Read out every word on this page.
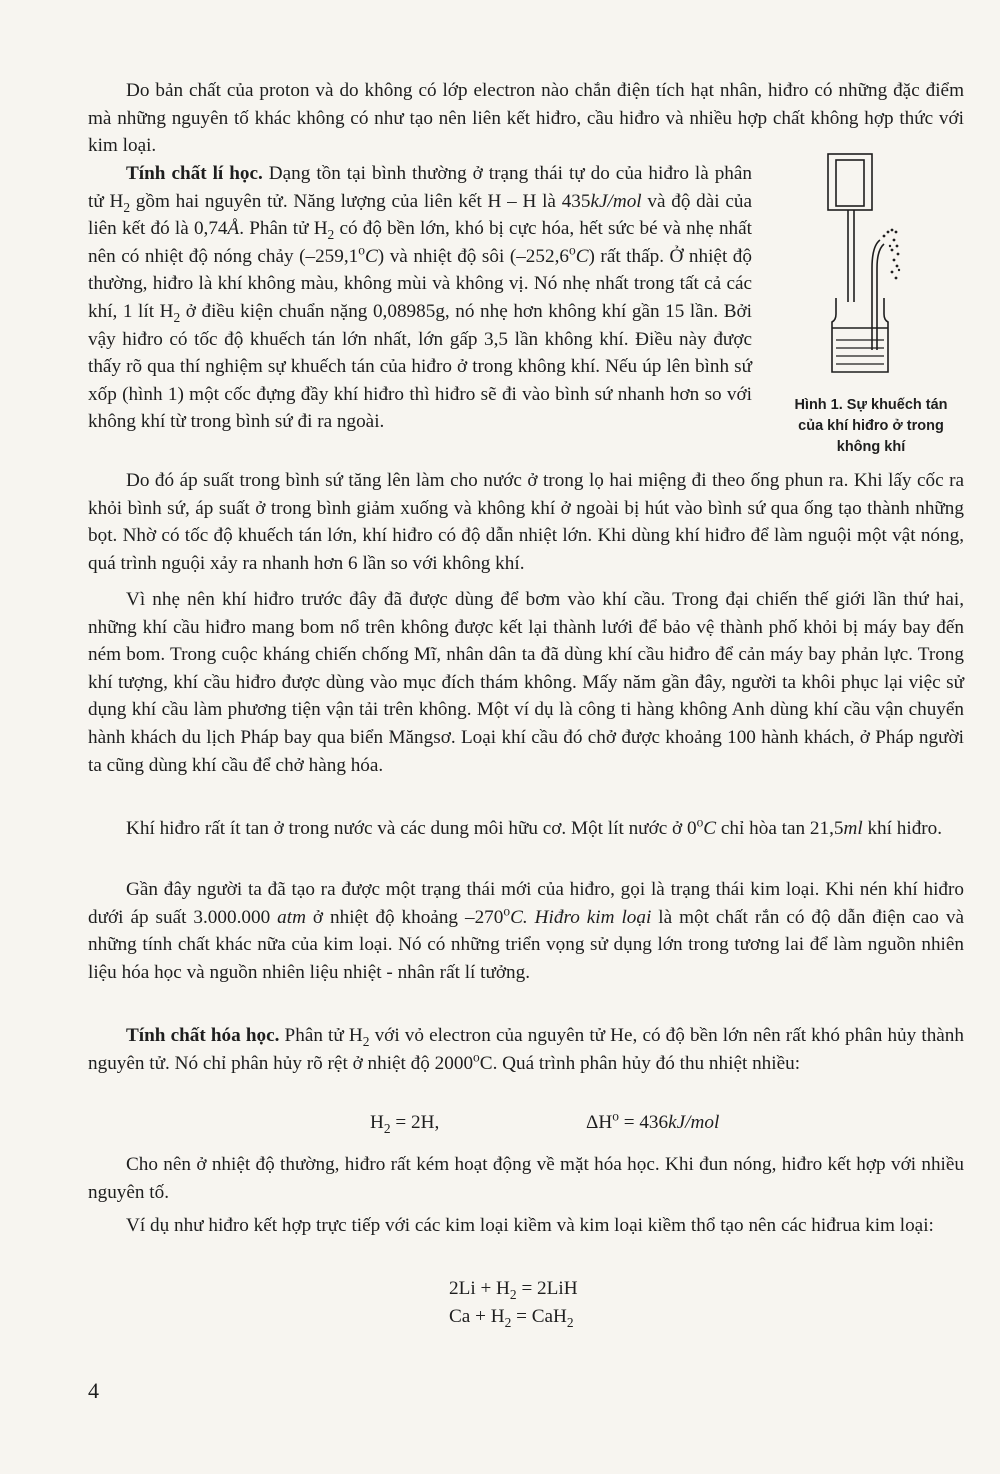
Do bản chất của proton và do không có lớp electron nào chắn điện tích hạt nhân, hiđro có những đặc điểm mà những nguyên tố khác không có như tạo nên liên kết hiđro, cầu hiđro và nhiều hợp chất không hợp thức với kim loại.

Tính chất lí học. Dạng tồn tại bình thường ở trạng thái tự do của hiđro là phân tử $H_2$ gồm hai nguyên tử. Năng lượng của liên kết H – H là 435kJ/mol và độ dài của liên kết đó là 0,74Å. Phân tử $H_2$ có độ bền lớn, khó bị cực hóa, hết sức bé và nhẹ nhất nên có nhiệt độ nóng chảy (–259,1$^o$C) và nhiệt độ sôi (–252,6$^o$C) rất thấp. Ở nhiệt độ thường, hiđro là khí không màu, không mùi và không vị. Nó nhẹ nhất trong tất cả các khí, 1 lít $H_2$ ở điều kiện chuẩn nặng 0,08985g, nó nhẹ hơn không khí gần 15 lần. Bởi vậy hiđro có tốc độ khuếch tán lớn nhất, lớn gấp 3,5 lần không khí. Điều này được thấy rõ qua thí nghiệm sự khuếch tán của hiđro ở trong không khí. Nếu úp lên bình sứ xốp (hình 1) một cốc đựng đầy khí hiđro thì hiđro sẽ đi vào bình sứ nhanh hơn so với không khí từ trong bình sứ đi ra ngoài.

Hình 1. Sự khuếch tán của khí hiđro ở trong không khí

Do đó áp suất trong bình sứ tăng lên làm cho nước ở trong lọ hai miệng đi theo ống phun ra. Khi lấy cốc ra khỏi bình sứ, áp suất ở trong bình giảm xuống và không khí ở ngoài bị hút vào bình sứ qua ống tạo thành những bọt. Nhờ có tốc độ khuếch tán lớn, khí hiđro có độ dẫn nhiệt lớn. Khi dùng khí hiđro để làm nguội một vật nóng, quá trình nguội xảy ra nhanh hơn 6 lần so với không khí.

Vì nhẹ nên khí hiđro trước đây đã được dùng để bơm vào khí cầu. Trong đại chiến thế giới lần thứ hai, những khí cầu hiđro mang bom nổ trên không được kết lại thành lưới để bảo vệ thành phố khỏi bị máy bay đến ném bom. Trong cuộc kháng chiến chống Mĩ, nhân dân ta đã dùng khí cầu hiđro để cản máy bay phản lực. Trong khí tượng, khí cầu hiđro được dùng vào mục đích thám không. Mấy năm gần đây, người ta khôi phục lại việc sử dụng khí cầu làm phương tiện vận tải trên không. Một ví dụ là công ti hàng không Anh dùng khí cầu vận chuyển hành khách du lịch Pháp bay qua biển Măngsơ. Loại khí cầu đó chở được khoảng 100 hành khách, ở Pháp người ta cũng dùng khí cầu để chở hàng hóa.

Khí hiđro rất ít tan ở trong nước và các dung môi hữu cơ. Một lít nước ở 0$^o$C chỉ hòa tan 21,5ml khí hiđro.

Gần đây người ta đã tạo ra được một trạng thái mới của hiđro, gọi là trạng thái kim loại. Khi nén khí hiđro dưới áp suất 3.000.000 atm ở nhiệt độ khoảng –270$^o$C. Hiđro kim loại là một chất rắn có độ dẫn điện cao và những tính chất khác nữa của kim loại. Nó có những triển vọng sử dụng lớn trong tương lai để làm nguồn nhiên liệu hóa học và nguồn nhiên liệu nhiệt - nhân rất lí tưởng.

Tính chất hóa học. Phân tử $H_2$ với vỏ electron của nguyên tử He, có độ bền lớn nên rất khó phân hủy thành nguyên tử. Nó chỉ phân hủy rõ rệt ở nhiệt độ 2000$^o$C. Quá trình phân hủy đó thu nhiệt nhiều:

$H_2 = 2H$,	$\Delta H^o = 436kJ/mol$

Cho nên ở nhiệt độ thường, hiđro rất kém hoạt động về mặt hóa học. Khi đun nóng, hiđro kết hợp với nhiều nguyên tố.

Ví dụ như hiđro kết hợp trực tiếp với các kim loại kiềm và kim loại kiềm thổ tạo nên các hiđrua kim loại:

$2Li + H_2 = 2LiH$
$Ca + H_2 = CaH_2$
4
